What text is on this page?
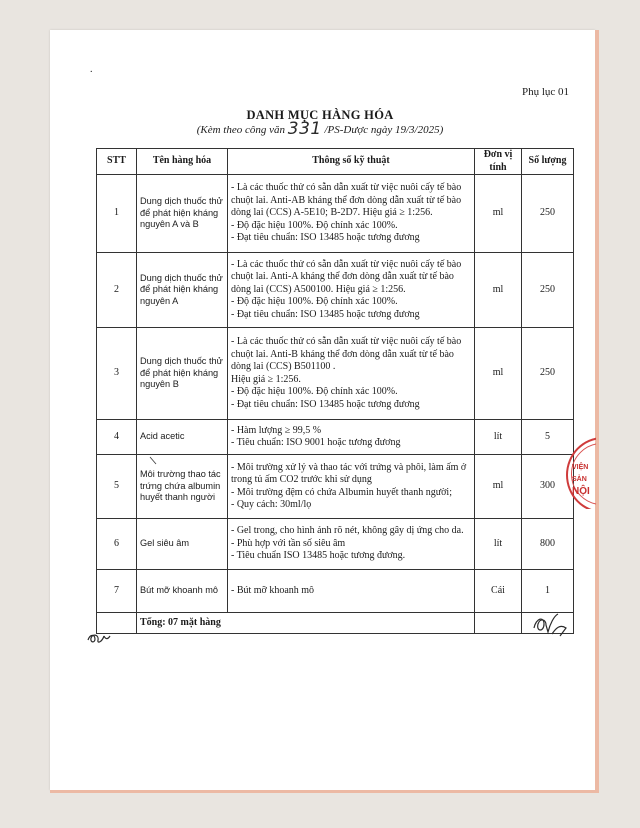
.
Phụ lục 01
DANH MỤC HÀNG HÓA
(Kèm theo công văn 331 /PS-Dược ngày 19/3/2025)
STT	Tên hàng hóa	Thông số kỹ thuật	Đơn vị tính	Số lượng
1	Dung dịch thuốc thử để phát hiện kháng nguyên A và B	- Là các thuốc thử có sẵn dẫn xuất từ việc nuôi cấy tế bào chuột lai. Anti-AB kháng thể đơn dòng dẫn xuất từ tế bào dòng lai (CCS) A-5E10; B-2D7. Hiệu giá ≥ 1:256.
- Độ đặc hiệu 100%. Độ chính xác 100%.
- Đạt tiêu chuẩn: ISO 13485 hoặc tương đương	ml	250
2	Dung dịch thuốc thử để phát hiện kháng nguyên A	- Là các thuốc thử có sẵn dẫn xuất từ việc nuôi cấy tế bào chuột lai. Anti-A kháng thể đơn dòng dẫn xuất từ tế bào dòng lai (CCS) A500100. Hiệu giá ≥ 1:256.
- Độ đặc hiệu 100%. Độ chính xác 100%.
- Đạt tiêu chuẩn: ISO 13485 hoặc tương đương	ml	250
3	Dung dịch thuốc thử để phát hiện kháng nguyên B	- Là các thuốc thử có sẵn dẫn xuất từ việc nuôi cấy tế bào chuột lai. Anti-B kháng thể đơn dòng dẫn xuất từ tế bào dòng lai (CCS) B501100 .
Hiệu giá ≥ 1:256.
- Độ đặc hiệu 100%. Độ chính xác 100%.
- Đạt tiêu chuẩn: ISO 13485 hoặc tương đương	ml	250
4	Acid acetic	- Hàm lượng ≥ 99,5 %
- Tiêu chuẩn: ISO 9001 hoặc tương đương	lít	5
5	Môi trường thao tác trứng chứa albumin huyết thanh người	- Môi trường xử lý và thao tác với trứng và phôi, làm ấm ở trong tủ ấm CO2 trước khi sử dụng
- Môi trường đệm có chứa Albumin huyết thanh người;
- Quy cách: 30ml/lọ	ml	300
6	Gel siêu âm	- Gel trong, cho hình ảnh rõ nét, không gây dị ứng cho da.
- Phù hợp với tần số siêu âm
- Tiêu chuẩn ISO 13485 hoặc tương đương.	lít	800
7	Bút mỡ khoanh mô	- Bút mỡ khoanh mô	Cái	1
	Tổng: 07 mặt hàng			
VIỆN
SẢN
NỘI
